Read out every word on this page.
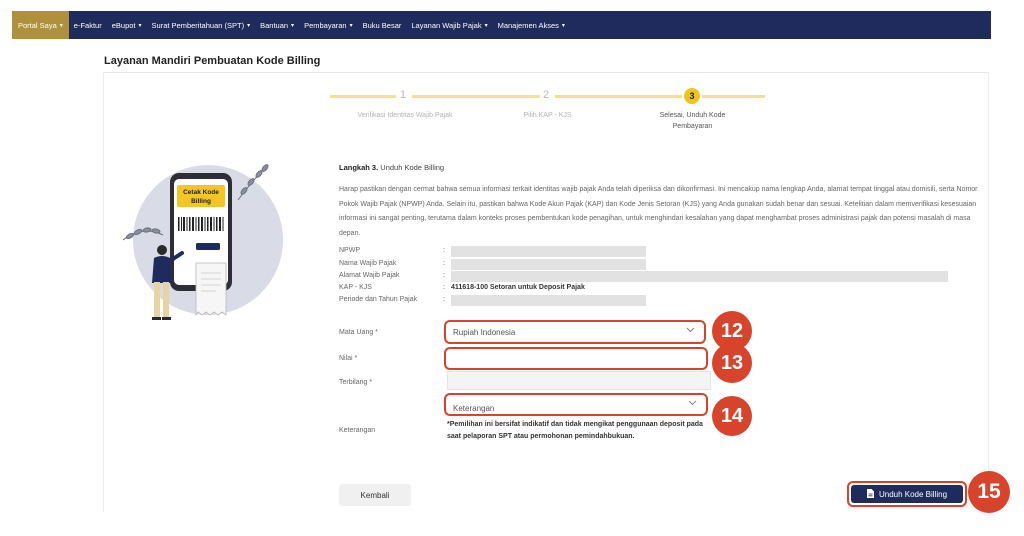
Portal Saya ▾ e-Faktur eBupot ▾ Surat Pemberitahuan (SPT) ▾ Bantuan ▾ Pembayaran ▾ Buku Besar Layanan Wajib Pajak ▾ Manajemen Akses ▾
Layanan Mandiri Pembuatan Kode Billing
1	2	3
Verifikasi Identitas Wajib Pajak	Pilih KAP - KJS	Selesai, Unduh Kode
Pembayaran
Langkah 3. Unduh Kode Billing
Harap pastikan dengan cermat bahwa semua informasi terkait identitas wajib pajak Anda telah diperiksa dan dikonfirmasi. Ini mencakup nama lengkap Anda, alamat tempat tinggal atau domisili, serta Nomor Pokok Wajib Pajak (NPWP) Anda. Selain itu, pastikan bahwa Kode Akun Pajak (KAP) dan Kode Jenis Setoran (KJS) yang Anda gunakan sudah benar dan sesuai. Ketelitian dalam memverifikasi kesesuaian informasi ini sangat penting, terutama dalam konteks proses pembentukan kode penagihan, untuk menghindari kesalahan yang dapat menghambat proses administrasi pajak dan potensi masalah di masa depan.
NPWP	:
Nama Wajib Pajak	:
Alamat Wajib Pajak	:
KAP - KJS	: 411618-100 Setoran untuk Deposit Pajak
Periode dan Tahun Pajak	:
Mata Uang *	Rupiah Indonesia	12
Nilai *	13
Terbilang *
Keterangan	14
Keterangan
*Pemilihan ini bersifat indikatif dan tidak mengikat penggunaan deposit pada saat pelaporan SPT atau permohonan pemindahbukuan.
Kembali	Unduh Kode Billing	15
Cetak Kode
Billing
